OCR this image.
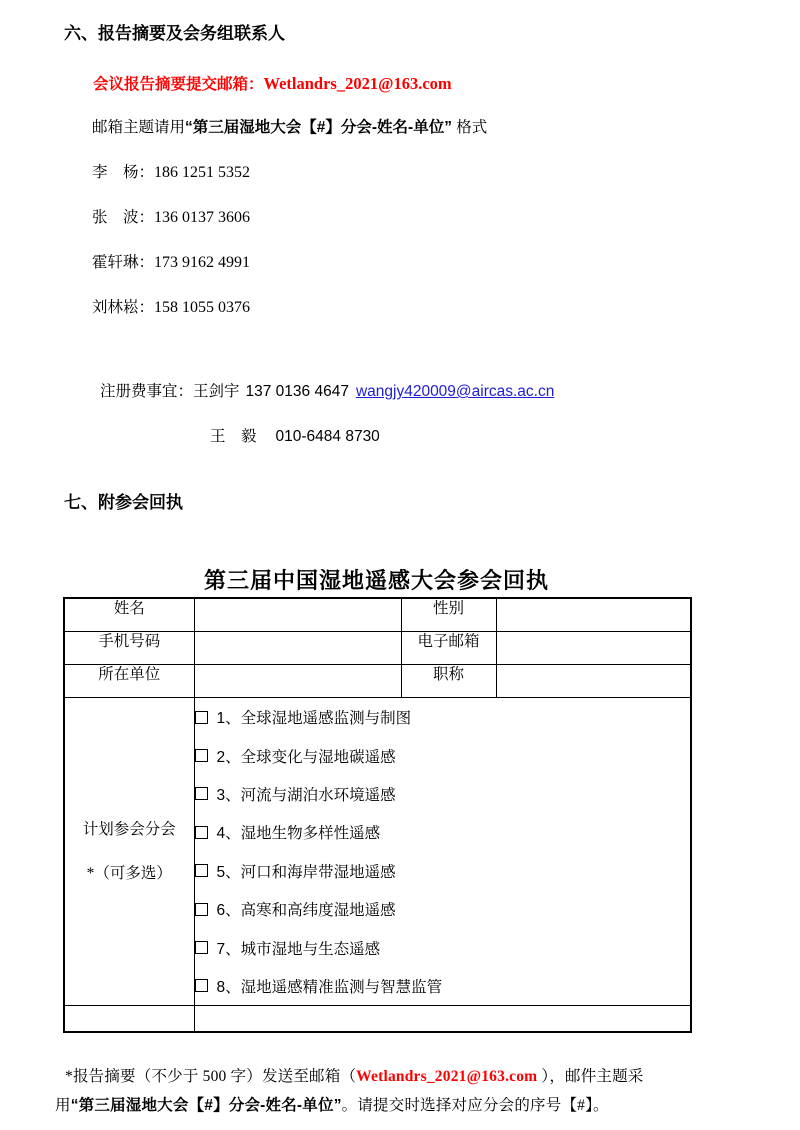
六、报告摘要及会务组联系人
会议报告摘要提交邮箱：Wetlandrs_2021@163.com
邮箱主题请用“第三届湿地大会【#】分会-姓名-单位” 格式
李　杨：186 1251 5352
张　波：136 0137 3606
霍轩琳：173 9162 4991
刘林崧：158 1055 0376
注册费事宜：王剑宇 137 0136 4647 wangjy420009@aircas.ac.cn
王　毅 010-6484 8730
七、附参会回执
第三届中国湿地遥感大会参会回执
姓名		性别	
手机号码		电子邮箱	
所在单位		职称	

计划参会分会
*（可多选）

1、 全球湿地遥感监测与制图
2、 全球变化与湿地碳遥感
3、 河流与湖泊水环境遥感
4、 湿地生物多样性遥感
5、 河口和海岸带湿地遥感
6、 高寒和高纬度湿地遥感
7、 城市湿地与生态遥感
8、 湿地遥感精准监测与智慧监管

*报告摘要（不少于 500 字）发送至邮箱（Wetlandrs_2021@163.com ），邮件主题采
用“第三届湿地大会【#】分会-姓名-单位”。请提交时选择对应分会的序号【#】。
